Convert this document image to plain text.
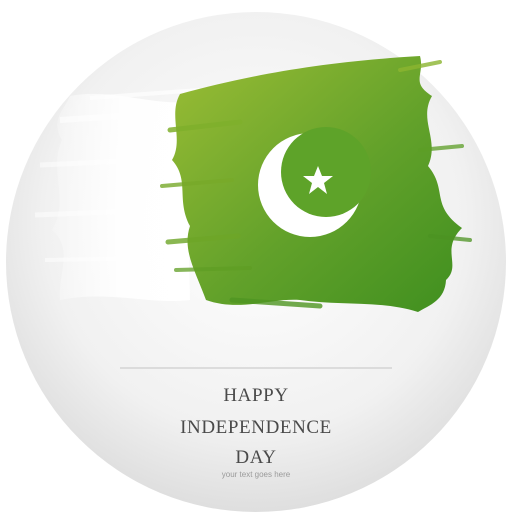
HAPPY
INDEPENDENCE
DAY
your text goes here
